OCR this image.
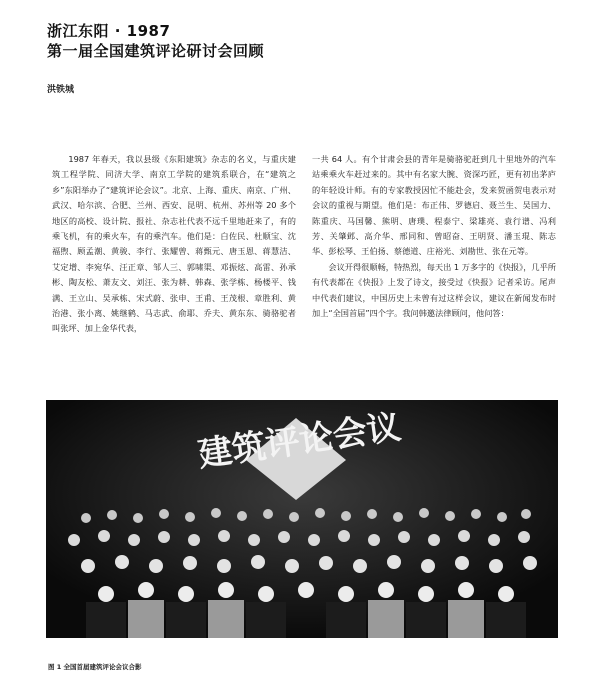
浙江东阳 · 1987
第一届全国建筑评论研讨会回顾
洪铁城

1987 年春天，我以县级《东阳建筑》杂志的名义，与重庆建筑工程学院、同济大学、南京工学院的建筑系联合，在“建筑之乡”东阳举办了“建筑评论会议”。北京、上海、重庆、南京、广州、武汉、哈尔滨、合肥、兰州、西安、昆明、杭州、苏州等 20 多个地区的高校、设计院、报社、杂志社代表不远千里地赶来了，有的乘飞机，有的乘火车，有的乘汽车。他们是：白佐民、杜顺宝、沈福煦、顾孟潮、黄骏、李行、张耀曾、蒋甄元、唐玉恩、蒋慧洁、艾定增、李宛华、汪正章、邹人三、郭啸渠、邓振炫、高雷、孙承彬、陶友松、萧友文、刘汪、张为耕、韩森、张学栋、杨楼平、钱满、王立山、吴承栋、宋式蔚、张申、王甫、王茂根、章胜利、黄治港、张小离、姚继鹤、马志武、俞耶、乔夫、黄东东、骑骆驼者叫张坪、加上金华代表，

一共 64 人。有个甘肃会县的青年是骑骆驼赶到几十里地外的汽车站乘乘火车赶过来的。其中有名家大腕、资深巧匠，更有初出茅庐的年轻设计师。有的专家教授因忙不能赴会，发来贺函贺电表示对会议的重视与期望。他们是：布正伟、罗德启、聂兰生、吴国力、陈重庆、马国馨、熊明、唐璞、程泰宁、梁雄亮、袁行谱、冯利芳、关肇邺、高介华、邢同和、曾昭奋、王明贤、潘玉琨、陈志华、彭松琴、王伯扬、蔡德道、庄裕光、刘勘世、张在元等。

会议开得很顺畅，特热烈，每天出 1 万多字的《快报》，几乎所有代表都在《快报》上发了诗文，接受过《快报》记者采访。尾声中代表们建议，中国历史上未曾有过这样会议，建议在新闻发布时加上“全国首届”四个字。我问韩邀法律顾问，他问答：

建筑评论会议
图 1 全国首届建筑评论会议合影
